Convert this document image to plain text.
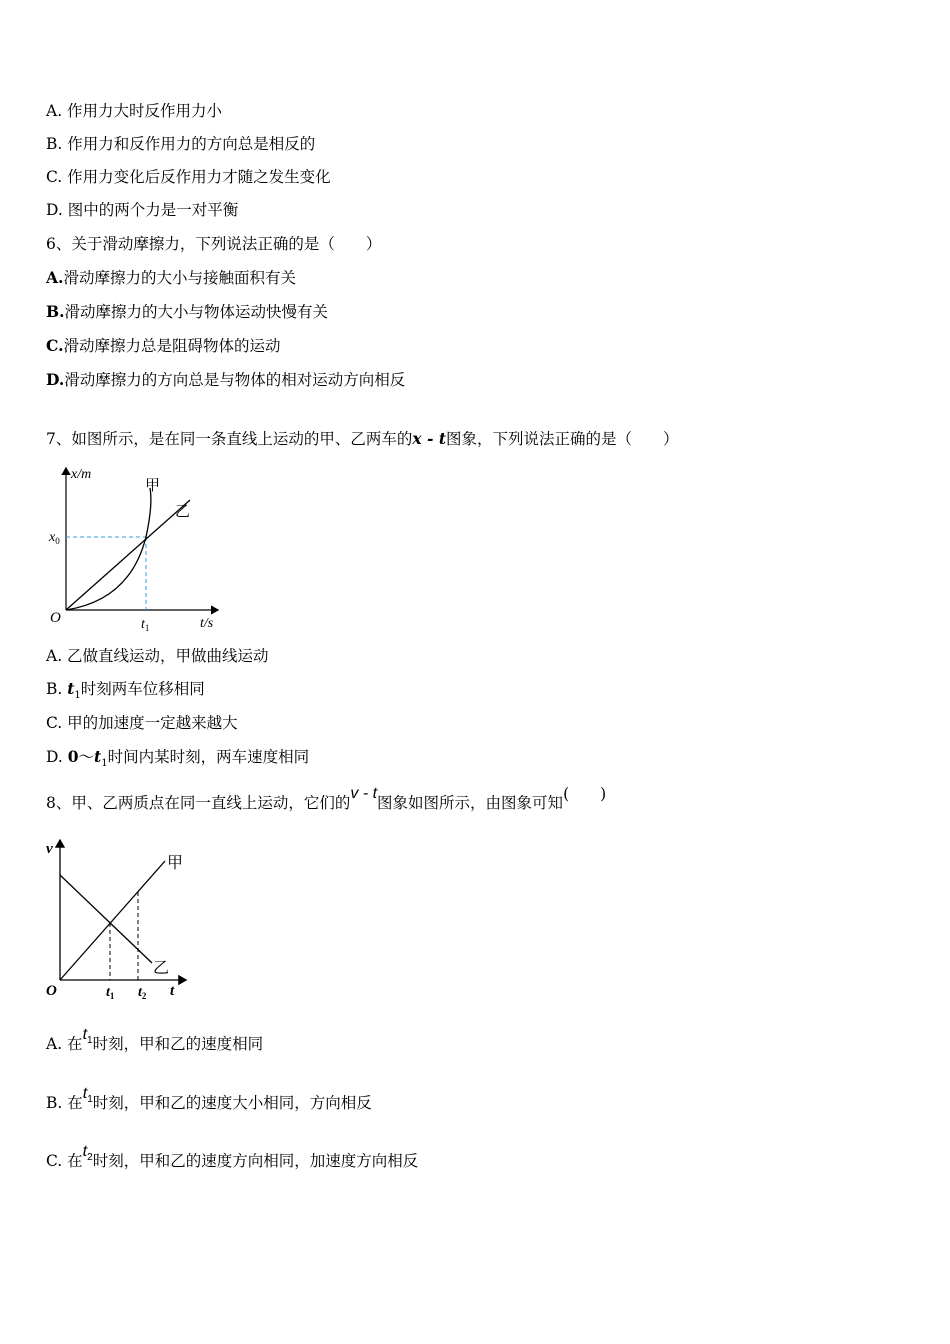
A. 作用力大时反作用力小
B. 作用力和反作用力的方向总是相反的
C. 作用力变化后反作用力才随之发生变化
D. 图中的两个力是一对平衡
6、关于滑动摩擦力，下列说法正确的是（　　）
A.滑动摩擦力的大小与接触面积有关
B.滑动摩擦力的大小与物体运动快慢有关
C.滑动摩擦力总是阻碍物体的运动
D.滑动摩擦力的方向总是与物体的相对运动方向相反
7、如图所示，是在同一条直线上运动的甲、乙两车的x - t图象，下列说法正确的是（　　）
甲
乙
x/m
O
$x_0$
$t_1$	t/s
A. 乙做直线运动，甲做曲线运动
B. $t_1$时刻两车位移相同
C. 甲的加速度一定越来越大
D. $0\sim t_1$时间内某时刻，两车速度相同
8、甲、乙两质点在同一直线上运动，它们的v - t图象如图所示，由图象可知(　　)
甲
乙
v
O	$t_1$ $t_2$ t
A. 在$t_1$时刻，甲和乙的速度相同
B. 在$t_1$时刻，甲和乙的速度大小相同，方向相反
C. 在$t_2$时刻，甲和乙的速度方向相同，加速度方向相反
